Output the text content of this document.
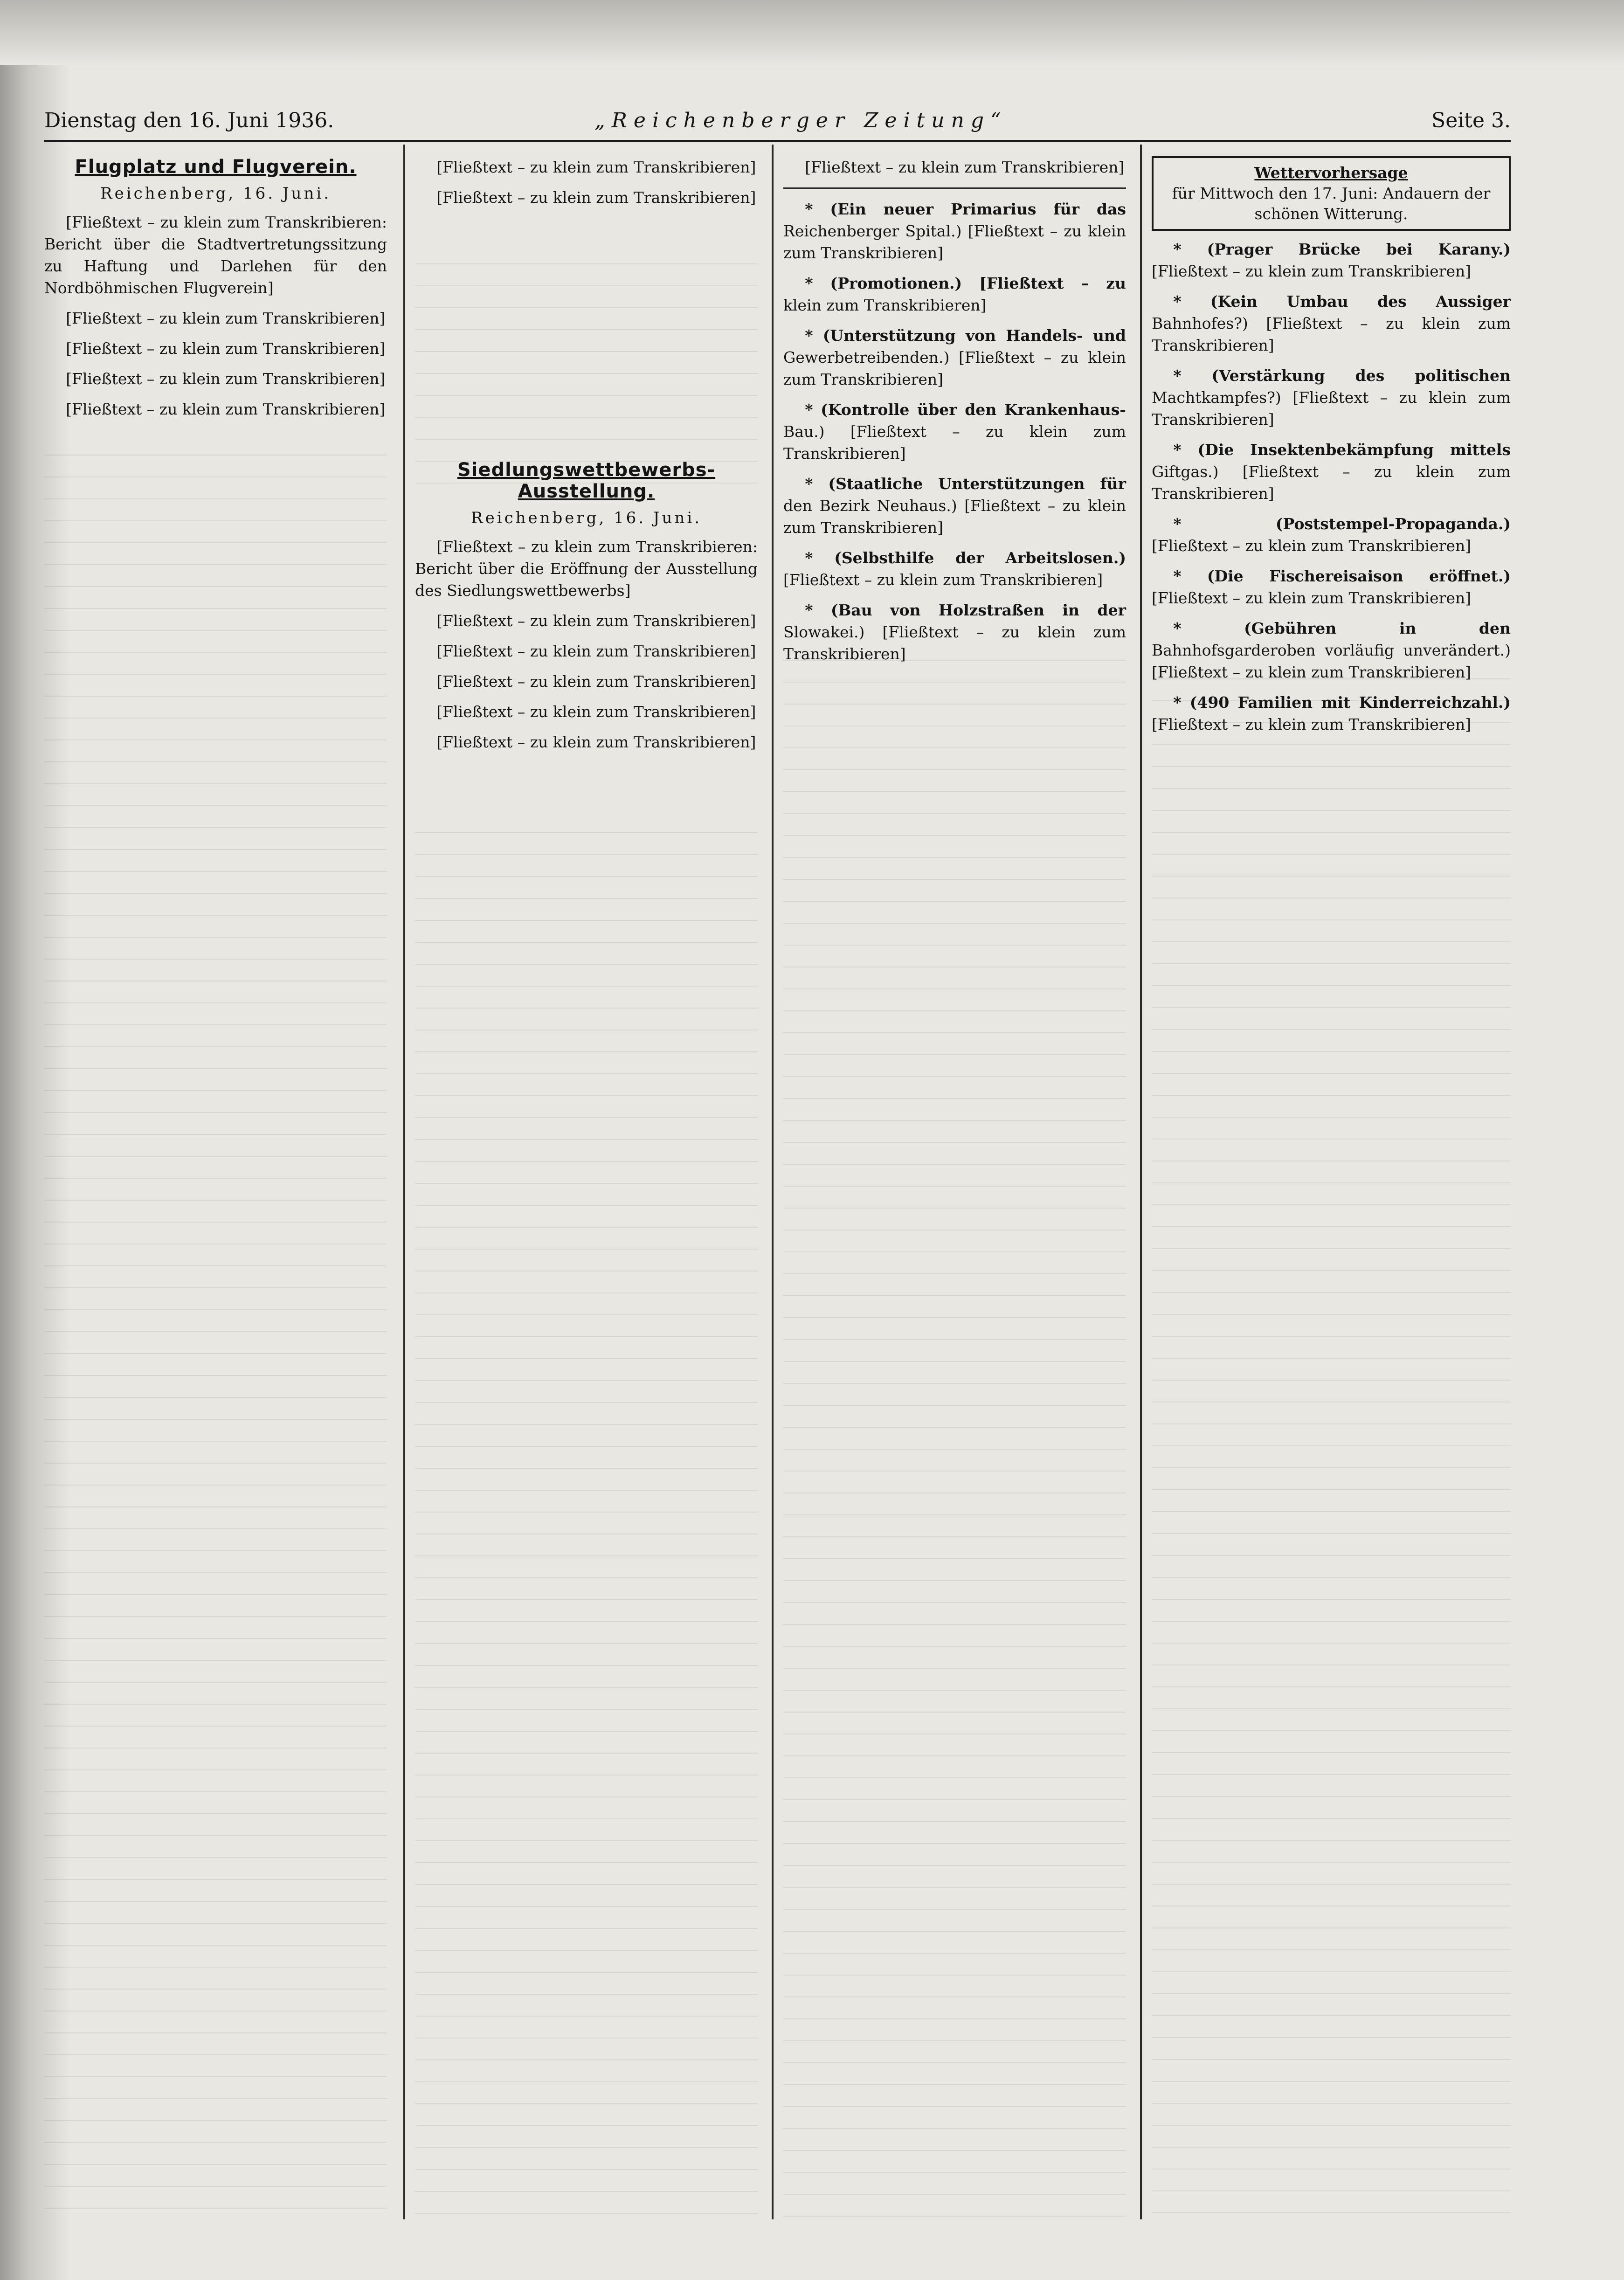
Dienstag den 16. Juni 1936.	„Reichenberger Zeitung“	Seite 3.
Flugplatz und Flugverein.
Reichenberg, 16. Juni.

[Fließtext – zu klein zum Transkribieren: Bericht über die Stadtvertretungssitzung zu Haftung und Darlehen für den Nordböhmischen Flugverein]

[Fließtext – zu klein zum Transkribieren]

[Fließtext – zu klein zum Transkribieren]

[Fließtext – zu klein zum Transkribieren]

[Fließtext – zu klein zum Transkribieren]

[Fließtext – zu klein zum Transkribieren]

[Fließtext – zu klein zum Transkribieren]

Siedlungswettbewerbs-Ausstellung.
Reichenberg, 16. Juni.

[Fließtext – zu klein zum Transkribieren: Bericht über die Eröffnung der Ausstellung des Siedlungswettbewerbs]

[Fließtext – zu klein zum Transkribieren]

[Fließtext – zu klein zum Transkribieren]

[Fließtext – zu klein zum Transkribieren]

[Fließtext – zu klein zum Transkribieren]

[Fließtext – zu klein zum Transkribieren]

[Fließtext – zu klein zum Transkribieren]

* (Ein neuer Primarius für das Reichenberger Spital.) [Fließtext – zu klein zum Transkribieren]

* (Promotionen.) [Fließtext – zu klein zum Transkribieren]

* (Unterstützung von Handels- und Gewerbetreibenden.) [Fließtext – zu klein zum Transkribieren]

* (Kontrolle über den Krankenhaus-Bau.) [Fließtext – zu klein zum Transkribieren]

* (Staatliche Unterstützungen für den Bezirk Neuhaus.) [Fließtext – zu klein zum Transkribieren]

* (Selbsthilfe der Arbeitslosen.) [Fließtext – zu klein zum Transkribieren]

* (Bau von Holzstraßen in der Slowakei.) [Fließtext – zu klein zum Transkribieren]

Wettervorhersage
für Mittwoch den 17. Juni: Andauern der schönen Witterung.

* (Prager Brücke bei Karany.) [Fließtext – zu klein zum Transkribieren]

* (Kein Umbau des Aussiger Bahnhofes?) [Fließtext – zu klein zum Transkribieren]

* (Verstärkung des politischen Machtkampfes?) [Fließtext – zu klein zum Transkribieren]

* (Die Insektenbekämpfung mittels Giftgas.) [Fließtext – zu klein zum Transkribieren]

* (Poststempel-Propaganda.) [Fließtext – zu klein zum Transkribieren]

* (Die Fischereisaison eröffnet.) [Fließtext – zu klein zum Transkribieren]

* (Gebühren in den Bahnhofsgarderoben vorläufig unverändert.) [Fließtext – zu klein zum Transkribieren]

* (490 Familien mit Kinderreichzahl.) [Fließtext – zu klein zum Transkribieren]
